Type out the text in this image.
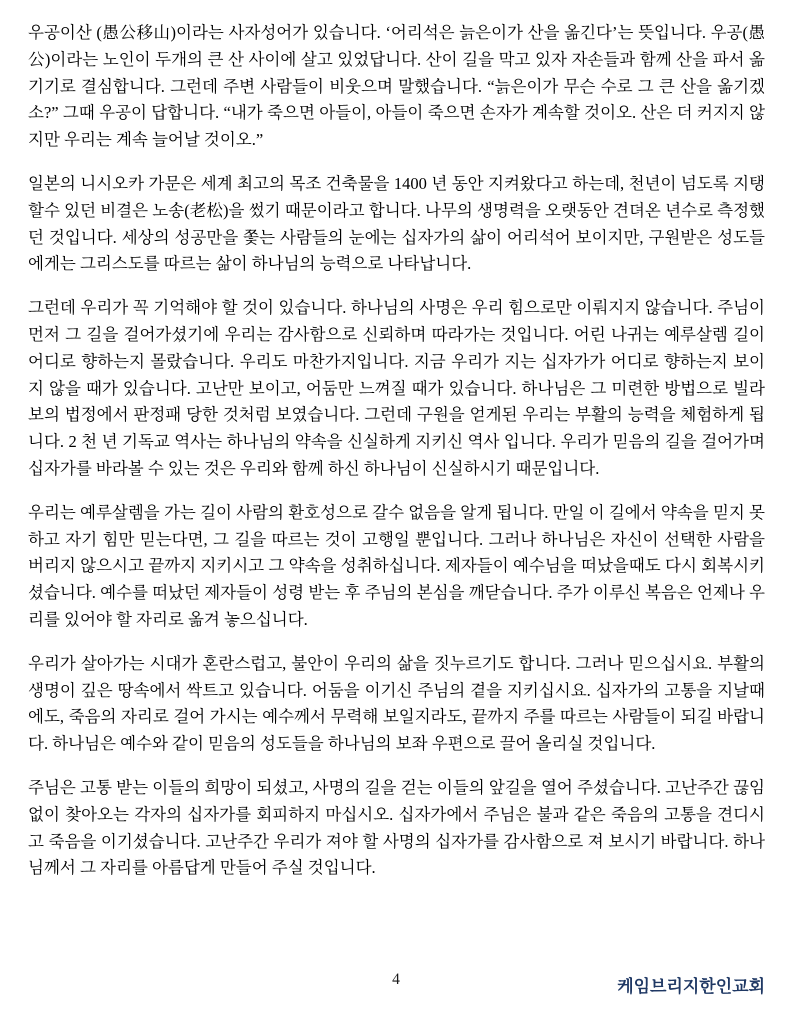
우공이산 (愚公移山)이라는 사자성어가 있습니다. ‘어리석은 늙은이가 산을 옮긴다’는 뜻입니다. 우공(愚公)이라는 노인이 두개의 큰 산 사이에 살고 있었답니다. 산이 길을 막고 있자 자손들과 함께 산을 파서 옮기기로 결심합니다. 그런데 주변 사람들이 비웃으며 말했습니다. “늙은이가 무슨 수로 그 큰 산을 옮기겠소?” 그때 우공이 답합니다. “내가 죽으면 아들이, 아들이 죽으면 손자가 계속할 것이오. 산은 더 커지지 않지만 우리는 계속 늘어날 것이오.”

일본의 니시오카 가문은 세계 최고의 목조 건축물을 1400 년 동안 지켜왔다고 하는데, 천년이 넘도록 지탱할수 있던 비결은 노송(老松)을 썼기 때문이라고 합니다. 나무의 생명력을 오랫동안 견뎌온 년수로 측정했던 것입니다. 세상의 성공만을 쫓는 사람들의 눈에는 십자가의 삶이 어리석어 보이지만, 구원받은 성도들에게는 그리스도를 따르는 삶이 하나님의 능력으로 나타납니다.

그런데 우리가 꼭 기억해야 할 것이 있습니다. 하나님의 사명은 우리 힘으로만 이뤄지지 않습니다. 주님이 먼저 그 길을 걸어가셨기에 우리는 감사함으로 신뢰하며 따라가는 것입니다. 어린 나귀는 예루살렘 길이 어디로 향하는지 몰랐습니다. 우리도 마찬가지입니다. 지금 우리가 지는 십자가가 어디로 향하는지 보이지 않을 때가 있습니다. 고난만 보이고, 어둠만 느껴질 때가 있습니다. 하나님은 그 미련한 방법으로 빌라보의 법정에서 판정패 당한 것처럼 보였습니다. 그런데 구원을 얻게된 우리는 부활의 능력을 체험하게 됩니다. 2 천 년 기독교 역사는 하나님의 약속을 신실하게 지키신 역사 입니다. 우리가 믿음의 길을 걸어가며 십자가를 바라볼 수 있는 것은 우리와 함께 하신 하나님이 신실하시기 때문입니다.

우리는 예루살렘을 가는 길이 사람의 환호성으로 갈수 없음을 알게 됩니다. 만일 이 길에서 약속을 믿지 못하고 자기 힘만 믿는다면, 그 길을 따르는 것이 고행일 뿐입니다. 그러나 하나님은 자신이 선택한 사람을 버리지 않으시고 끝까지 지키시고 그 약속을 성취하십니다. 제자들이 예수님을 떠났을때도 다시 회복시키셨습니다. 예수를 떠났던 제자들이 성령 받는 후 주님의 본심을 깨닫습니다. 주가 이루신 복음은 언제나 우리를 있어야 할 자리로 옮겨 놓으십니다.

우리가 살아가는 시대가 혼란스럽고, 불안이 우리의 삶을 짓누르기도 합니다. 그러나 믿으십시요. 부활의 생명이 깊은 땅속에서 싹트고 있습니다. 어둠을 이기신 주님의 곁을 지키십시요. 십자가의 고통을 지날때에도, 죽음의 자리로 걸어 가시는 예수께서 무력해 보일지라도, 끝까지 주를 따르는 사람들이 되길 바랍니다. 하나님은 예수와 같이 믿음의 성도들을 하나님의 보좌 우편으로 끌어 올리실 것입니다.

주님은 고통 받는 이들의 희망이 되셨고, 사명의 길을 걷는 이들의 앞길을 열어 주셨습니다. 고난주간 끊임없이 찾아오는 각자의 십자가를 회피하지 마십시오. 십자가에서 주님은 불과 같은 죽음의 고통을 견디시고 죽음을 이기셨습니다. 고난주간 우리가 져야 할 사명의 십자가를 감사함으로 져 보시기 바랍니다. 하나님께서 그 자리를 아름답게 만들어 주실 것입니다.

4	케임브리지한인교회
